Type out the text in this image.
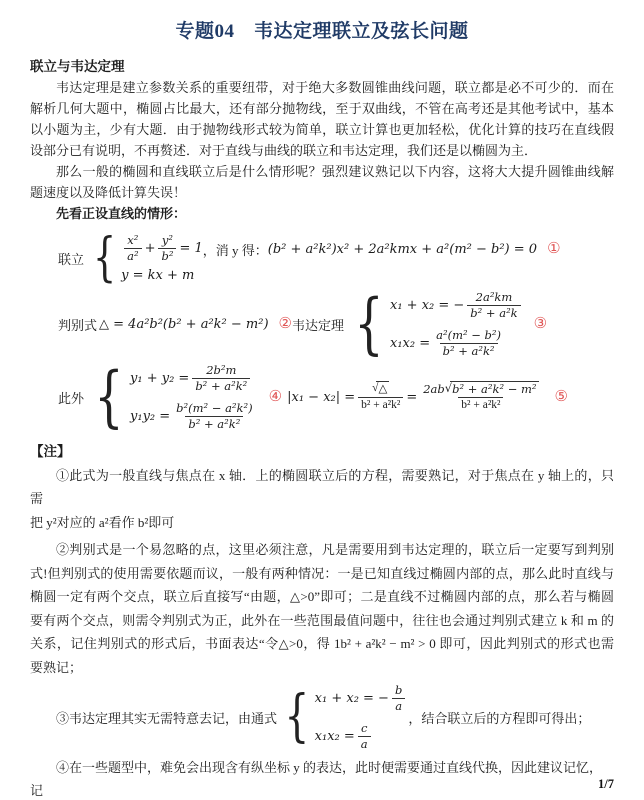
专题04　韦达定理联立及弦长问题
联立与韦达定理

韦达定理是建立参数关系的重要纽带，对于绝大多数圆锥曲线问题，联立都是必不可少的．而在
解析几何大题中，椭圆占比最大，还有部分抛物线，至于双曲线，不管在高考还是其他考试中，基本
以小题为主，少有大题．由于抛物线形式较为简单，联立计算也更加轻松，优化计算的技巧在直线假
设部分已有说明，不再赘述．对于直线与曲线的联立和韦达定理，我们还是以椭圆为主．

那么一般的椭圆和直线联立后是什么情形呢？强烈建议熟记以下内容，这将大大提升圆锥曲线解
题速度以及降低计算失误！

先看正设直线的情形：
联立 {	$\frac{\text{x²}}{\text{a²}} + \frac{\text{y²}}{\text{b²}} = 1$
y = kx + m
，消 y 得： (b² + a²k²)x² + 2a²kmx + a²(m² − b²) = 0 ①
判别式 △ = 4a²b²(b² + a²k² − m²) ② 韦达定理
{
x₁ + x₂ = − $\frac{\text{2a²km}}{\text{b² + a²k}}$
$x_1x_2 = \frac{\text{a²(m² − b²)}}{\text{b² + a²k²}}$
③
此外
{
$y_1 + y_2 = \frac{\text{2b²m}}{\text{b² + a²k²}}$
$y_1y_2 = \frac{\text{b²(m² − a²k²)}}{\text{b² + a²k²}}$
④ |x₁ − x₂| = √ $\frac{\triangle}{\text{b² + a²k²}} = \frac{\text{2ab √ b² + a²k² − m²}}{\text{b² + a²k²}}$ ⑤
【注】

①此式为一般直线与焦点在 x 轴．上的椭圆联立后的方程，需要熟记，对于焦点在 y 轴上的，只需
把 y²对应的 a²看作 b²即可

②判别式是一个易忽略的点，这里必须注意，凡是需要用到韦达定理的，联立后一定要写到判别
式!但判别式的使用需要依题而议，一般有两种情况：一是已知直线过椭圆内部的点，那么此时直线与
椭圆一定有两个交点，联立后直接写“由题，△>0”即可；二是直线不过椭圆内部的点，那么若与椭圆
要有两个交点，则需令判别式为正，此外在一些范围最值问题中，往往也会通过判别式建立 k 和 m 的
关系，记住判别式的形式后，书面表达“令△>0，得 1b² + a²k² − m² > 0 即可，因此判别式的形式也需
要熟记；

③韦达定理其实无需特意去记，由通式
{
x₁ + x₂ = − $\frac{b}{a}$
$x_1x_2 = \frac{c}{a}$
，结合联立后的方程即可得出；

④在一些题型中，难免会出现含有纵坐标 y 的表达，此时便需要通过直线代换，因此建议记忆，记	1/7
